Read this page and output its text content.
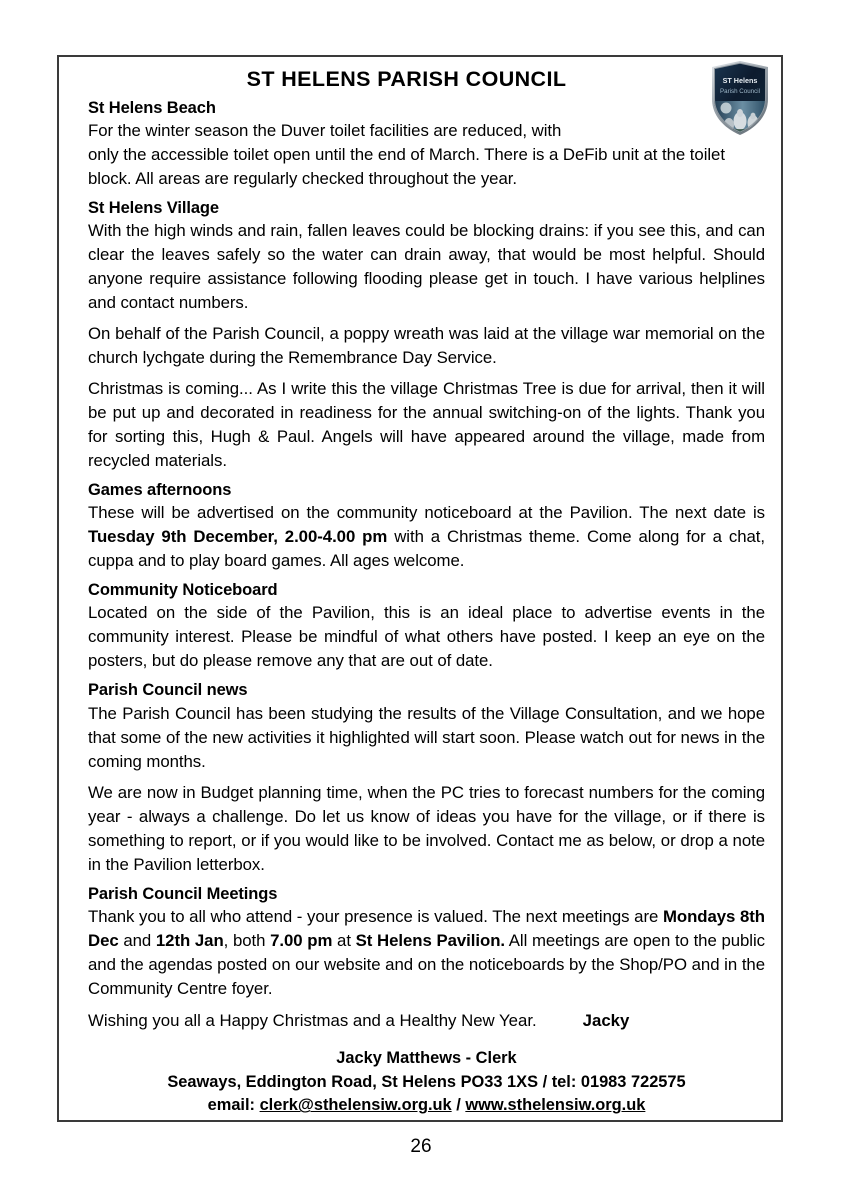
ST Helens
Parish Council
ST HELENS PARISH COUNCIL
St Helens Beach

For the winter season the Duver toilet facilities are reduced, with
only the accessible toilet open until the end of March. There is a DeFib unit at the toilet block. All areas are regularly checked throughout the year.

St Helens Village

With the high winds and rain, fallen leaves could be blocking drains: if you see this, and can clear the leaves safely so the water can drain away, that would be most helpful. Should anyone require assistance following flooding please get in touch. I have various helplines and contact numbers.

On behalf of the Parish Council, a poppy wreath was laid at the village war memorial on the church lychgate during the Remembrance Day Service.

Christmas is coming... As I write this the village Christmas Tree is due for arrival, then it will be put up and decorated in readiness for the annual switching-on of the lights. Thank you for sorting this, Hugh & Paul. Angels will have appeared around the village, made from recycled materials.

Games afternoons

These will be advertised on the community noticeboard at the Pavilion. The next date is Tuesday 9th December, 2.00-4.00 pm with a Christmas theme. Come along for a chat, cuppa and to play board games. All ages welcome.

Community Noticeboard

Located on the side of the Pavilion, this is an ideal place to advertise events in the community interest. Please be mindful of what others have posted. I keep an eye on the posters, but do please remove any that are out of date.

Parish Council news

The Parish Council has been studying the results of the Village Consultation, and we hope that some of the new activities it highlighted will start soon. Please watch out for news in the coming months.

We are now in Budget planning time, when the PC tries to forecast numbers for the coming year - always a challenge. Do let us know of ideas you have for the village, or if there is something to report, or if you would like to be involved. Contact me as below, or drop a note in the Pavilion letterbox.

Parish Council Meetings

Thank you to all who attend - your presence is valued. The next meetings are Mondays 8th Dec and 12th Jan, both 7.00 pm at St Helens Pavilion. All meetings are open to the public and the agendas posted on our website and on the noticeboards by the Shop/PO and in the Community Centre foyer.

Wishing you all a Happy Christmas and a Healthy New Year.	Jacky
Jacky Matthews - Clerk
Seaways, Eddington Road, St Helens PO33 1XS / tel: 01983 722575
email: clerk@sthelensiw.org.uk / www.sthelensiw.org.uk
26
